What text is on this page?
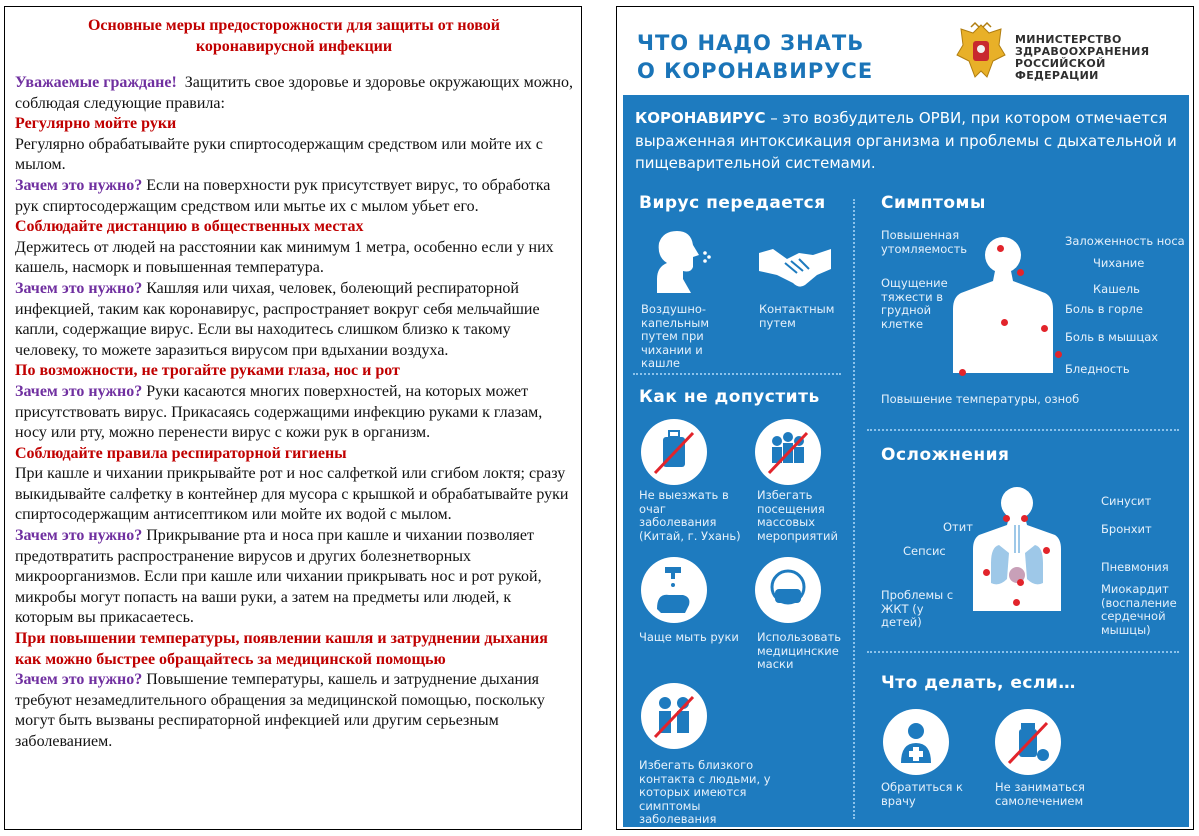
Основные меры предосторожности для защиты от новой
коронавирусной инфекции

Уважаемые граждане! Защитить свое здоровье и здоровье окружающих можно, соблюдая следующие правила:

Регулярно мойте руки

Регулярно обрабатывайте руки спиртосодержащим средством или мойте их с мылом.

Зачем это нужно? Если на поверхности рук присутствует вирус, то обработка рук спиртосодержащим средством или мытье их с мылом убьет его.

Соблюдайте дистанцию в общественных местах

Держитесь от людей на расстоянии как минимум 1 метра, особенно если у них кашель, насморк и повышенная температура.

Зачем это нужно? Кашляя или чихая, человек, болеющий респираторной инфекцией, таким как коронавирус, распространяет вокруг себя мельчайшие капли, содержащие вирус. Если вы находитесь слишком близко к такому человеку, то можете заразиться вирусом при вдыхании воздуха.

По возможности, не трогайте руками глаза, нос и рот

Зачем это нужно? Руки касаются многих поверхностей, на которых может присутствовать вирус. Прикасаясь содержащими инфекцию руками к глазам, носу или рту, можно перенести вирус с кожи рук в организм.

Соблюдайте правила респираторной гигиены

При кашле и чихании прикрывайте рот и нос салфеткой или сгибом локтя; сразу выкидывайте салфетку в контейнер для мусора с крышкой и обрабатывайте руки спиртосодержащим антисептиком или мойте их водой с мылом.

Зачем это нужно? Прикрывание рта и носа при кашле и чихании позволяет предотвратить распространение вирусов и других болезнетворных микроорганизмов. Если при кашле или чихании прикрывать нос и рот рукой, микробы могут попасть на ваши руки, а затем на предметы или людей, к которым вы прикасаетесь.

При повышении температуры, появлении кашля и затруднении дыхания как можно быстрее обращайтесь за медицинской помощью

Зачем это нужно? Повышение температуры, кашель и затруднение дыхания требуют незамедлительного обращения за медицинской помощью, поскольку могут быть вызваны респираторной инфекцией или другим серьезным заболеванием.

ЧТО НАДО ЗНАТЬ
О КОРОНАВИРУСЕ
МИНИСТЕРСТВО
ЗДРАВООХРАНЕНИЯ
РОССИЙСКОЙ ФЕДЕРАЦИИ
КОРОНАВИРУС – это возбудитель ОРВИ, при котором отмечается выраженная интоксикация организма и проблемы с дыхательной и пищеварительной системами.
Вирус передается
Воздушно-капельным путем при чихании и кашле
Контактным путем
Как не допустить
Не выезжать в очаг заболевания (Китай, г. Ухань)
Избегать посещения массовых мероприятий
Чаще мыть руки Использовать медицинские маски
Избегать близкого контакта с людьми, у которых имеются симптомы заболевания
Симптомы
Повышенная утомляемость
Ощущение тяжести в грудной клетке
Повышение температуры, озноб
Заложенность носа
Чихание
Кашель
Боль в горле
Боль в мышцах
Бледность
Осложнения
Отит
Сепсис
Проблемы с ЖКТ (у детей)
Синусит
Бронхит
Пневмония
Миокардит (воспаление сердечной мышцы)
Что делать, если…
Обратиться к врачу
Не заниматься самолечением
